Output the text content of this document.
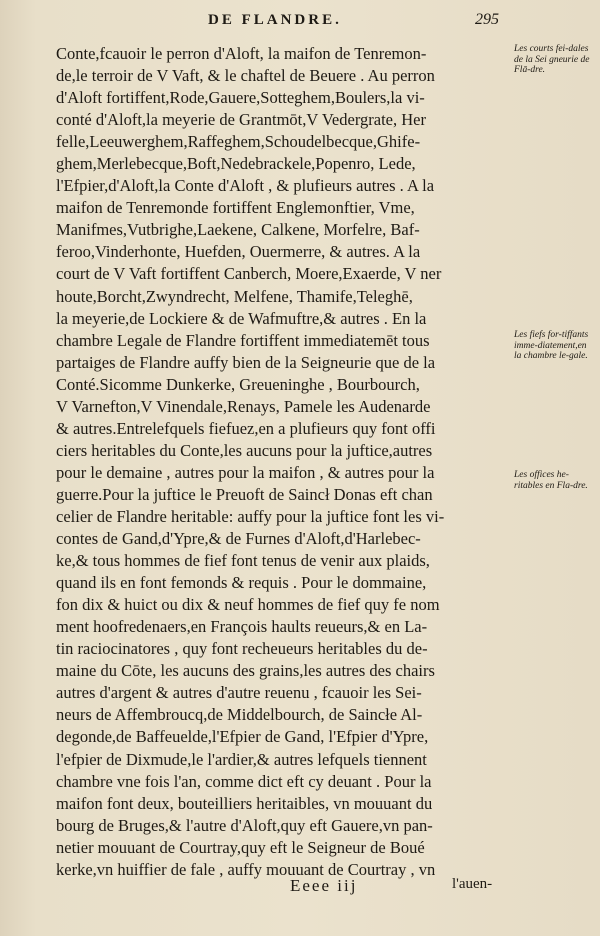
DE FLANDRE.	295
Conte,fcauoir le perron d'Aloft, la maifon de Tenremon-
de,le terroir de V Vaft, & le chaftel de Beuere . Au perron
d'Aloft fortiffent,Rode,Gauere,Sotteghem,Boulers,la vi-
conté d'Aloft,la meyerie de Grantmōt,V Vedergrate, Her
felle,Leeuwerghem,Raffeghem,Schoudelbecque,Ghife-
ghem,Merlebecque,Boft,Nedebrackele,Popenro, Lede,
l'Efpier,d'Aloft,la Conte d'Aloft , & plufieurs autres . A la
maifon de Tenremonde fortiffent Englemonftier, Vme,
Manifmes,Vutbrighe,Laekene, Calkene, Morfelre, Baf-
feroo,Vinderhonte, Huefden, Ouermerre, & autres. A la
court de V Vaft fortiffent Canberch, Moere,Exaerde, V ner
houte,Borcht,Zwyndrecht, Melfene, Thamife,Teleghē,
la meyerie,de Lockiere & de Wafmuftre,& autres . En la
chambre Legale de Flandre fortiffent immediatemēt tous
partaiges de Flandre auffy bien de la Seigneurie que de la
Conté.Sicomme Dunkerke, Greueninghe , Bourbourch,
V Varnefton,V Vinendale,Renays, Pamele les Audenarde
& autres.Entrelefquels fiefuez,en a plufieurs quy font offi
ciers heritables du Conte,les aucuns pour la juftice,autres
pour le demaine , autres pour la maifon , & autres pour la
guerre.Pour la juftice le Preuoft de Saincł Donas eft chan
celier de Flandre heritable: auffy pour la juftice font les vi-
contes de Gand,d'Ypre,& de Furnes d'Aloft,d'Harlebec-
ke,& tous hommes de fief font tenus de venir aux plaids,
quand ils en font femonds & requis . Pour le dommaine,
fon dix & huict ou dix & neuf hommes de fief quy fe nom
ment hoofredenaers,en François haults reueurs,& en La-
tin raciocinatores , quy font recheueurs heritables du de-
maine du Cōte, les aucuns des grains,les autres des chairs
autres d'argent & autres d'autre reuenu , fcauoir les Sei-
neurs de Affembroucq,de Middelbourch, de Saincłe Al-
degonde,de Baffeuelde,l'Efpier de Gand, l'Efpier d'Ypre,
l'efpier de Dixmude,le l'ardier,& autres lefquels tiennent
chambre vne fois l'an, comme dict eft cy deuant . Pour la
maifon font deux, bouteilliers heritaibles, vn mouuant du
bourg de Bruges,& l'autre d'Aloft,quy eft Gauere,vn pan-
netier mouuant de Courtray,quy eft le Seigneur de Boué
kerke,vn huiffier de fale , auffy mouuant de Courtray , vn
Les courts fei-dales de la Sei gneurie de Flā-dre.
Les fiefs for-tiffants imme-diatement,en la chambre le-gale.
Les offices he-ritables en Fla-dre.
Eeee iij	l'auen-
